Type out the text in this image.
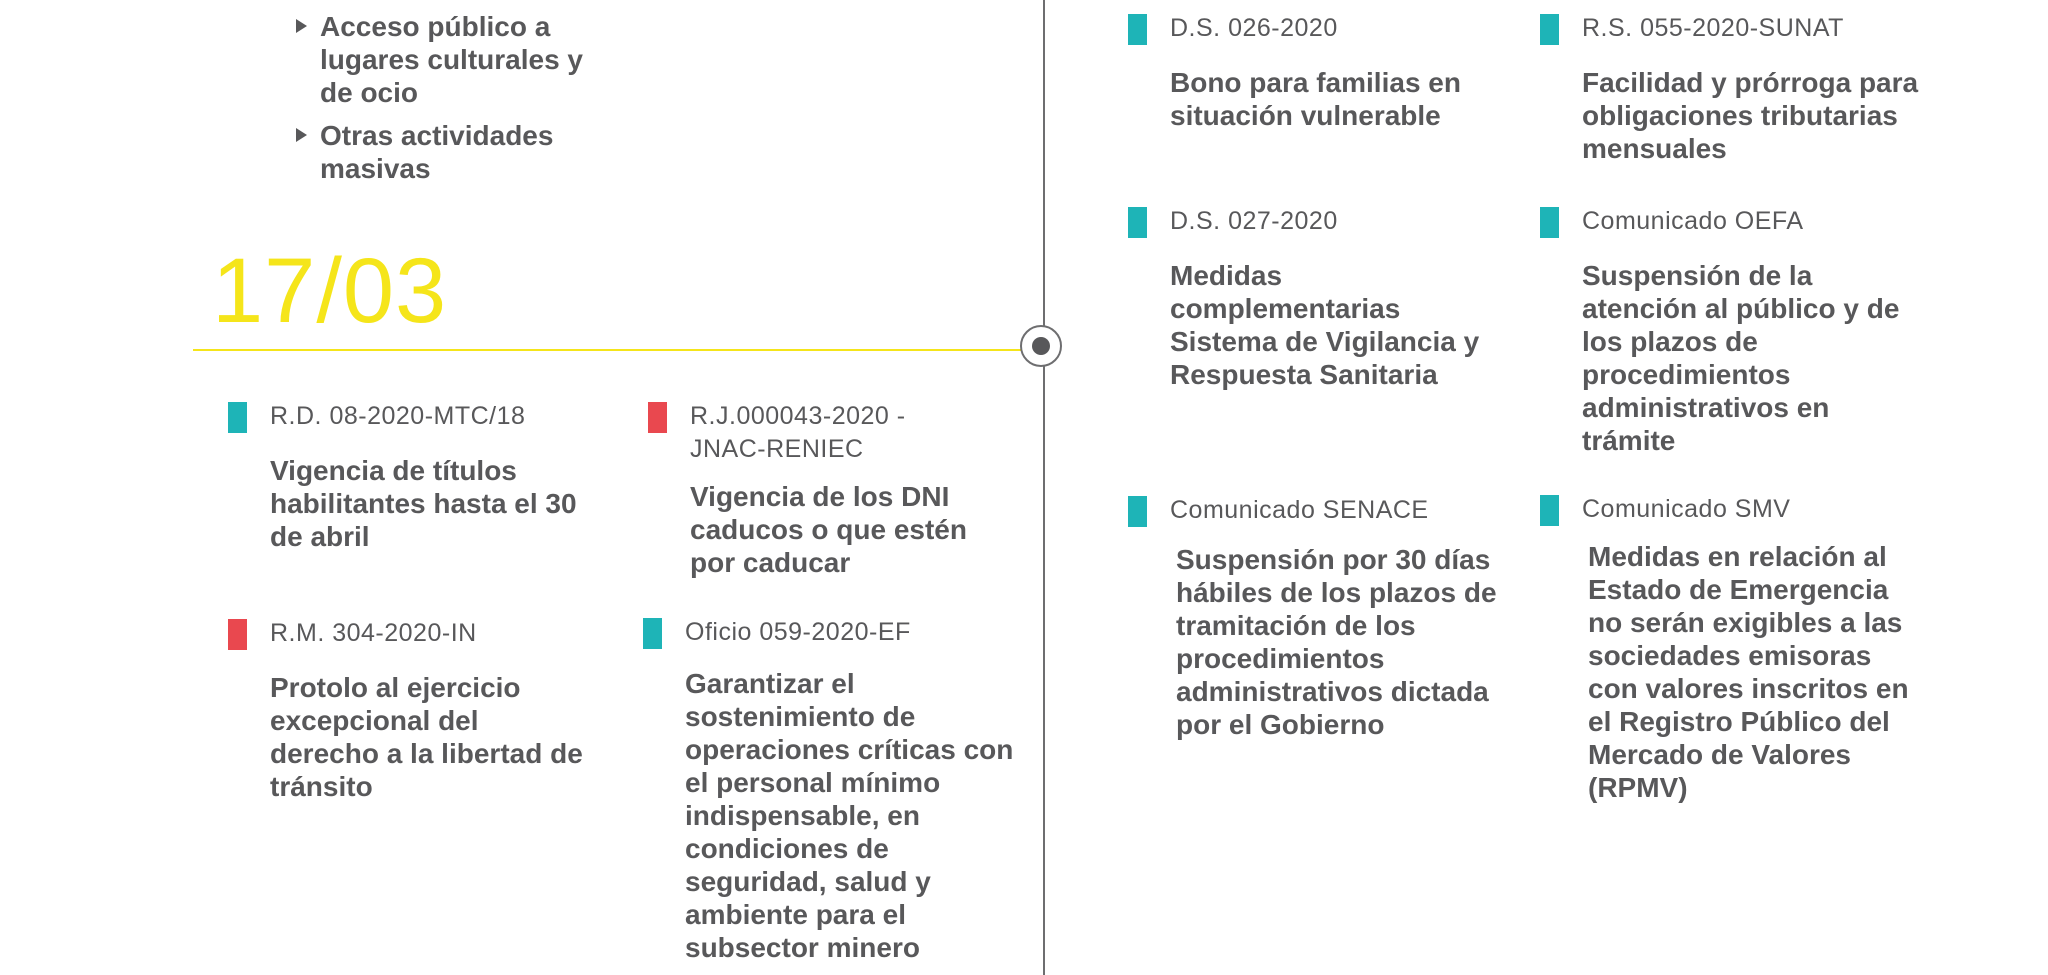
Acceso público a lugares culturales y de ocio
Otras actividades masivas
17/03
R.D. 08-2020-MTC/18
Vigencia de títulos habilitantes hasta el 30 de abril
R.J.000043-2020 -JNAC-RENIEC
Vigencia de los DNI caducos o que estén por caducar
R.M. 304-2020-IN
Protolo al ejercicio excepcional del derecho a la libertad de tránsito
Oficio 059-2020-EF
Garantizar el sostenimiento de operaciones críticas con el personal mínimo indispensable, en condiciones de seguridad, salud y ambiente para el subsector minero
D.S. 026-2020
Bono para familias en situación vulnerable
R.S. 055-2020-SUNAT
Facilidad y prórroga para obligaciones tributarias mensuales
D.S. 027-2020
Medidas complementarias Sistema de Vigilancia y Respuesta Sanitaria
Comunicado OEFA
Suspensión de la atención al público y de los plazos de procedimientos administrativos en trámite
Comunicado SENACE
Suspensión por 30 días hábiles de los plazos de tramitación de los procedimientos administrativos dictada por el Gobierno
Comunicado SMV
Medidas en relación al Estado de Emergencia no serán exigibles a las sociedades emisoras con valores inscritos en el Registro Público del Mercado de Valores (RPMV)
